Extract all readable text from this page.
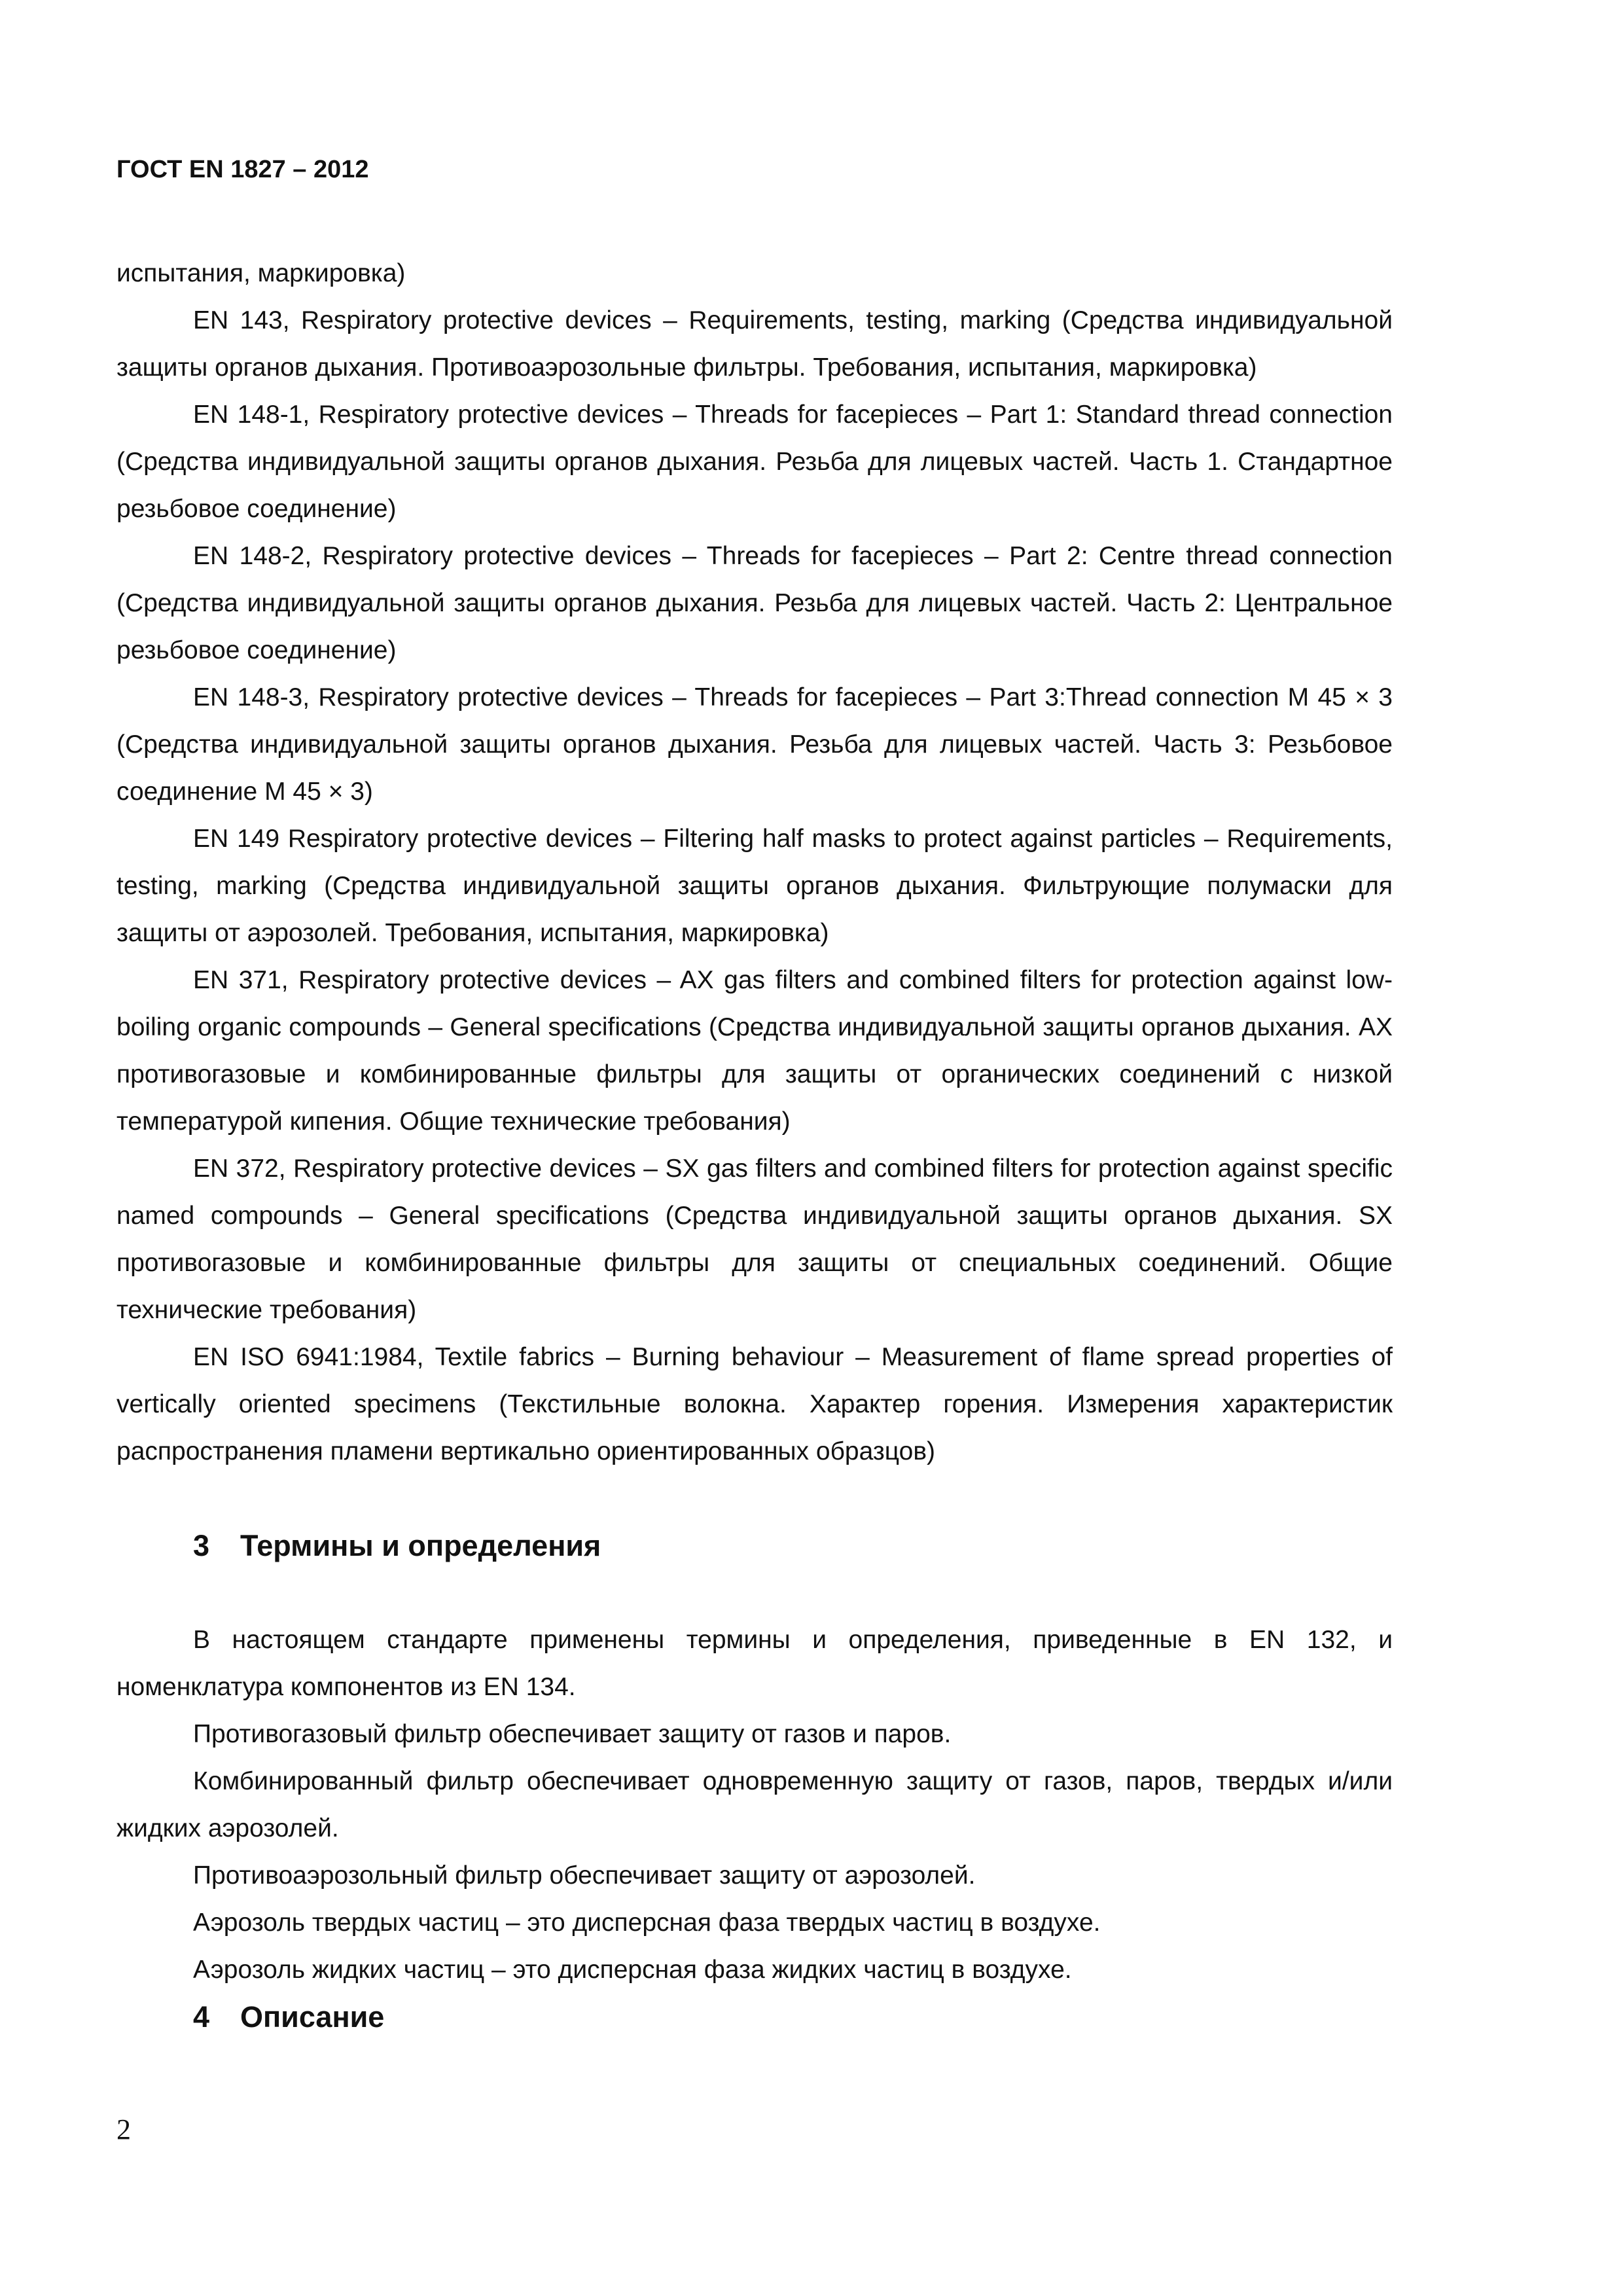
ГОСТ EN 1827 – 2012

испытания, маркировка)

EN 143, Respiratory protective devices – Requirements, testing, marking (Средства индивидуальной защиты органов дыхания. Противоаэрозольные фильтры. Требования, испытания, маркировка)

EN 148-1, Respiratory protective devices – Threads for facepieces – Part 1: Standard thread connection (Средства индивидуальной защиты органов дыхания. Резьба для лицевых частей. Часть 1. Стандартное резьбовое соединение)

EN 148-2, Respiratory protective devices – Threads for facepieces – Part 2: Centre thread connection (Средства индивидуальной защиты органов дыхания. Резьба для лицевых частей. Часть 2: Центральное резьбовое соединение)

EN 148-3, Respiratory protective devices – Threads for facepieces – Part 3:Thread connection M 45 × 3 (Средства индивидуальной защиты органов дыхания. Резьба для лицевых частей. Часть 3: Резьбовое соединение М 45 × 3)

EN 149 Respiratory protective devices – Filtering half masks to protect against particles – Requirements, testing, marking (Средства индивидуальной защиты органов дыхания. Фильтрующие полумаски для защиты от аэрозолей. Требования, испытания, маркировка)

EN 371, Respiratory protective devices – AX gas filters and combined filters for protection against low-boiling organic compounds – General specifications (Средства индивидуальной защиты органов дыхания. АХ противогазовые и комбинированные фильтры для защиты от органических соединений с низкой температурой кипения. Общие технические требования)

EN 372, Respiratory protective devices – SX gas filters and combined filters for protection against specific named compounds – General specifications (Средства индивидуальной защиты органов дыхания. SX противогазовые и комбинированные фильтры для защиты от специальных соединений. Общие технические требования)

EN ISO 6941:1984, Textile fabrics – Burning behaviour – Measurement of flame spread properties of vertically oriented specimens (Текстильные волокна. Характер горения. Измерения характеристик распространения пламени вертикально ориентированных образцов)

3 Термины и определения

В настоящем стандарте применены термины и определения, приведенные в EN 132, и номенклатура компонентов из EN 134.

Противогазовый фильтр обеспечивает защиту от газов и паров.

Комбинированный фильтр обеспечивает одновременную защиту от газов, паров, твердых и/или жидких аэрозолей.

Противоаэрозольный фильтр обеспечивает защиту от аэрозолей.

Аэрозоль твердых частиц – это дисперсная фаза твердых частиц в воздухе.

Аэрозоль жидких частиц – это дисперсная фаза жидких частиц в воздухе.

4 Описание
2
